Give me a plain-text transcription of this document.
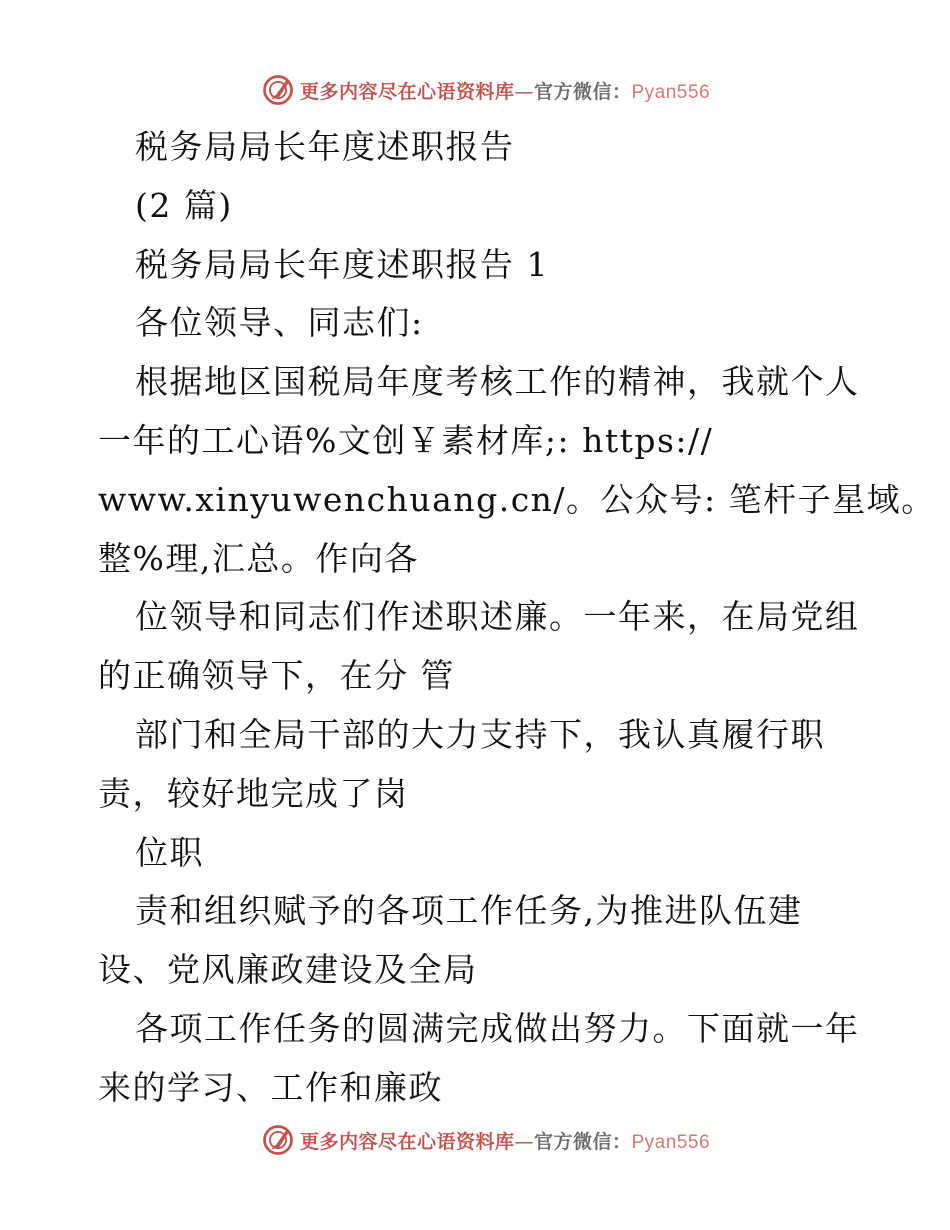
更多内容尽在心语资料库—官方微信：Pyan556
税务局局长年度述职报告
(2 篇)
税务局局长年度述职报告 1
各位领导、同志们:
根据地区国税局年度考核工作的精神，我就个人
一年的工心语%文创￥素材库;: https://
www.xinyuwenchuang.cn/。公众号: 笔杆子星域。
整%理,汇总。作向各
位领导和同志们作述职述廉。一年来，在局党组
的正确领导下，在分 管
部门和全局干部的大力支持下，我认真履行职
责，较好地完成了岗
位职
责和组织赋予的各项工作任务,为推进队伍建
设、党风廉政建设及全局
各项工作任务的圆满完成做出努力。下面就一年
来的学习、工作和廉政
更多内容尽在心语资料库—官方微信：Pyan556
